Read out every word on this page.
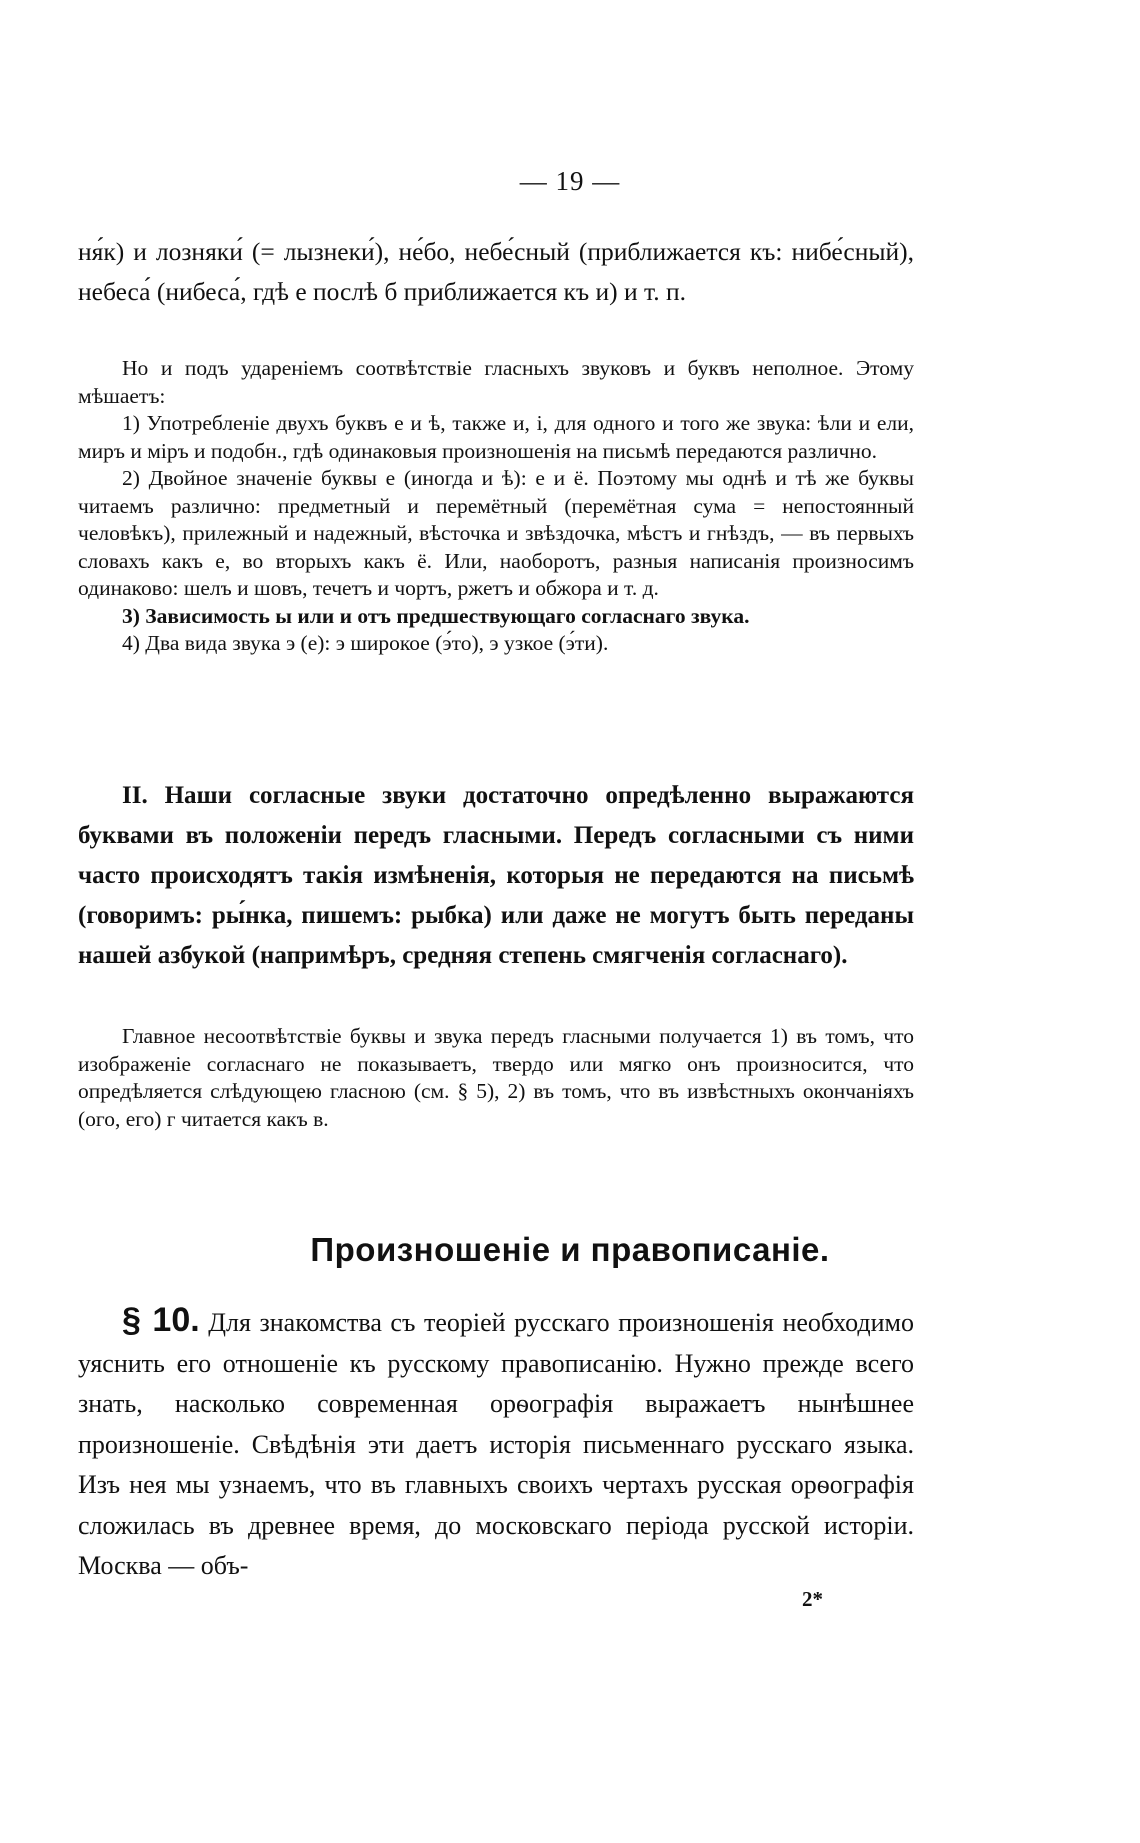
— 19 —

ня́к) и лозняки́ (= лызнеки́), не́бо, небе́сный (приближается къ: нибе́сный), небеса́ (нибеса́, гдѣ е послѣ б приближается къ и) и т. п.

Но и подъ удареніемъ соотвѣтствіе гласныхъ звуковъ и буквъ неполное. Этому мѣшаетъ:

1) Употребленіе двухъ буквъ е и ѣ, также и, і, для одного и того же звука: ѣли и ели, миръ и міръ и подобн., гдѣ одинаковыя произношенія на письмѣ передаются различно.

2) Двойное значеніе буквы е (иногда и ѣ): е и ё. Поэтому мы однѣ и тѣ же буквы читаемъ различно: предметный и перемётный (перемётная сума = непостоянный человѣкъ), прилежный и надежный, вѣсточка и звѣздочка, мѣстъ и гнѣздъ, — въ первыхъ словахъ какъ е, во вторыхъ какъ ё. Или, наоборотъ, разныя написанія произносимъ одинаково: шелъ и шовъ, течетъ и чортъ, ржетъ и обжора и т. д.

3) Зависимость ы или и отъ предшествующаго согласнаго звука.

4) Два вида звука э (е): э широкое (э́то), э узкое (э́ти).

II. Наши согласные звуки достаточно опредѣленно выражаются буквами въ положеніи передъ гласными. Передъ согласными съ ними часто происходятъ такія измѣненія, которыя не передаются на письмѣ (говоримъ: ры́нка, пишемъ: рыбка) или даже не могутъ быть переданы нашей азбукой (напримѣръ, средняя степень смягченія согласнаго).

Главное несоотвѣтствіе буквы и звука передъ гласными получается 1) въ томъ, что изображеніе согласнаго не показываетъ, твердо или мягко онъ произносится, что опредѣляется слѣдующею гласною (см. § 5), 2) въ томъ, что въ извѣстныхъ окончаніяхъ (ого, его) г читается какъ в.

Произношеніе и правописаніе.

§ 10. Для знакомства съ теоріей русскаго произношенія необходимо уяснить его отношеніе къ русскому правописанію. Нужно прежде всего знать, насколько современная орѳографія выражаетъ нынѣшнее произношеніе. Свѣдѣнія эти даетъ исторія письменнаго русскаго языка. Изъ нея мы узнаемъ, что въ главныхъ своихъ чертахъ русская орѳографія сложилась въ древнее время, до московскаго періода русской исторіи. Москва — объ-

2*
